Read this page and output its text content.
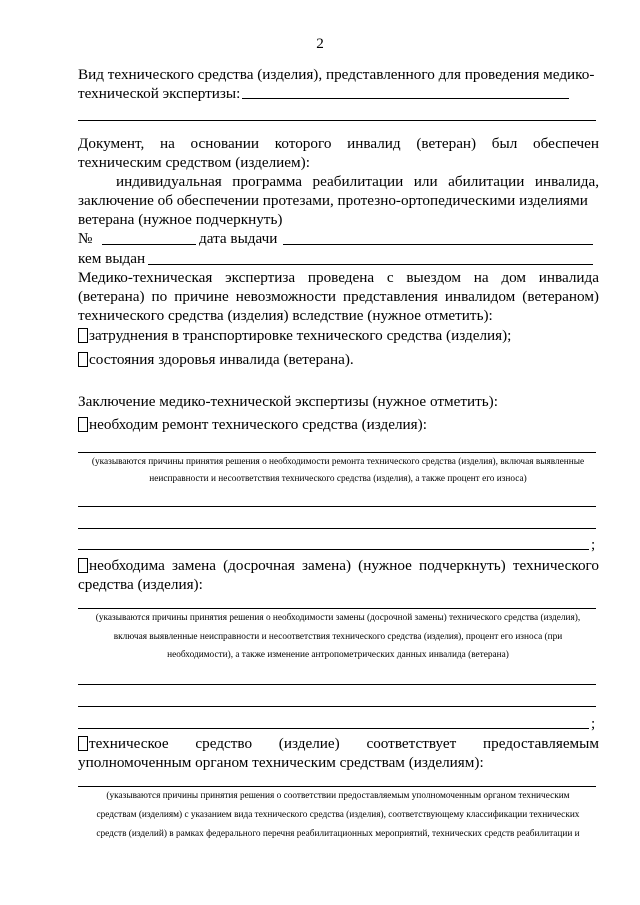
2
Вид технического средства (изделия), представленного для проведения медико-
технической экспертизы:
Документ, на основании которого инвалид (ветеран) был обеспечен
техническим средством (изделием):
индивидуальная программа реабилитации или абилитации инвалида,
заключение об обеспечении протезами, протезно-ортопедическими изделиями
ветерана (нужное подчеркнуть)
№	дата выдачи
кем выдан
Медико-техническая экспертиза проведена с выездом на дом инвалида
(ветерана) по причине невозможности представления инвалидом (ветераном)
технического средства (изделия) вследствие (нужное отметить):
затруднения в транспортировке технического средства (изделия);
состояния здоровья инвалида (ветерана).
Заключение медико-технической экспертизы (нужное отметить):
необходим ремонт технического средства (изделия):
(указываются причины принятия решения о необходимости ремонта технического средства (изделия), включая выявленные
неисправности и несоответствия технического средства (изделия), а также процент его износа)
;
необходима замена (досрочная замена) (нужное подчеркнуть) технического
средства (изделия):
(указываются причины принятия решения о необходимости замены (досрочной замены) технического средства (изделия),
включая выявленные неисправности и несоответствия технического средства (изделия), процент его износа (при
необходимости), а также изменение антропометрических данных инвалида (ветерана)
;
техническое средство (изделие) соответствует предоставляемым
уполномоченным органом техническим средствам (изделиям):
(указываются причины принятия решения о соответствии предоставляемым уполномоченным органом техническим
средствам (изделиям) с указанием вида технического средства (изделия), соответствующему классификации технических
средств (изделий) в рамках федерального перечня реабилитационных мероприятий, технических средств реабилитации и
